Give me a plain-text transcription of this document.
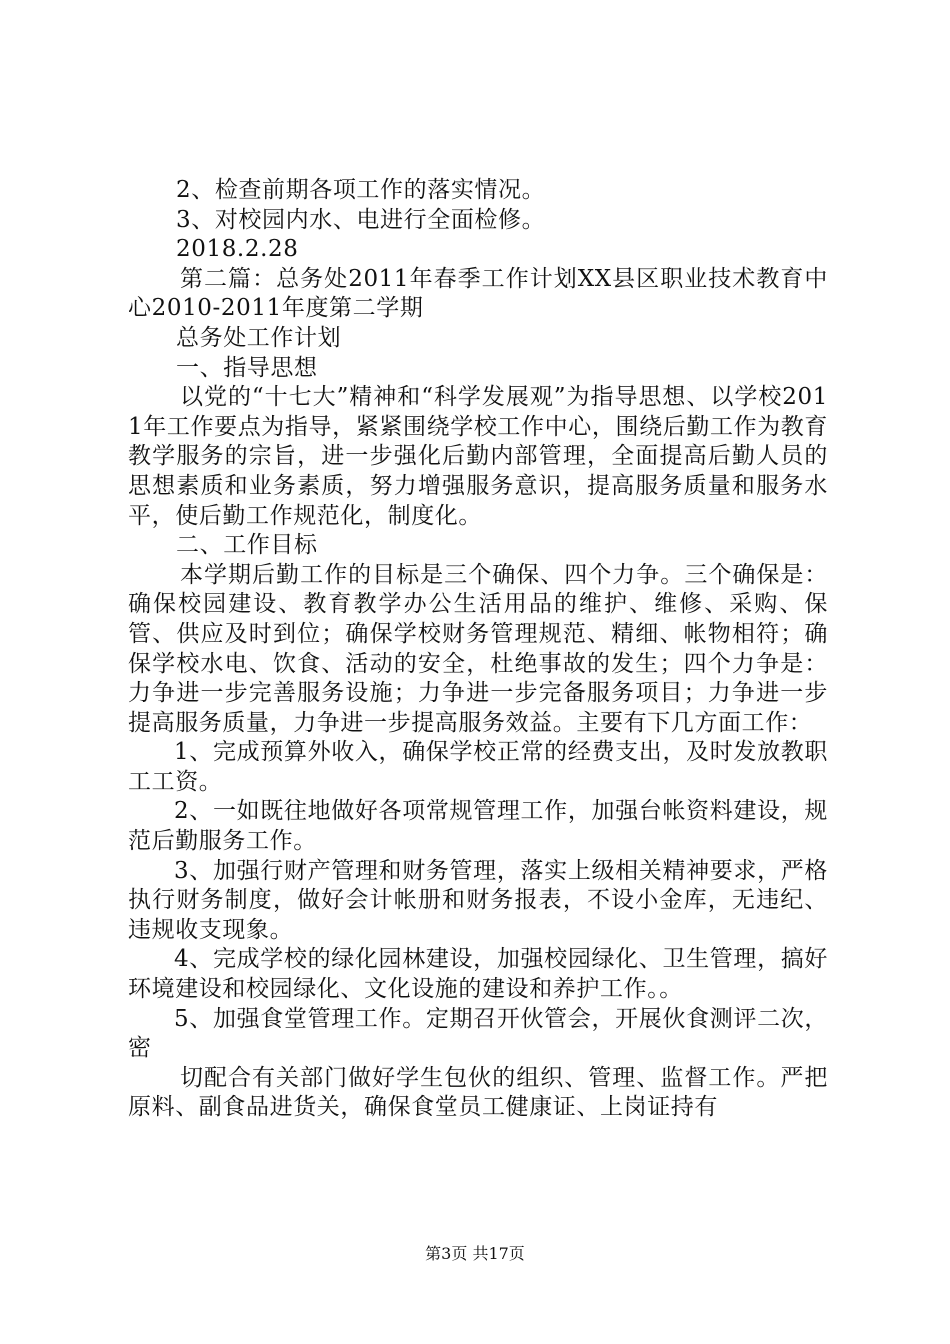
2、检查前期各项工作的落实情况。

3、对校园内水、电进行全面检修。

2018.2.28

第二篇：总务处2011年春季工作计划XX县区职业技术教育中心2010-2011年度第二学期

总务处工作计划

一、指导思想

以党的“十七大”精神和“科学发展观”为指导思想、以学校2011年工作要点为指导，紧紧围绕学校工作中心，围绕后勤工作为教育教学服务的宗旨，进一步强化后勤内部管理，全面提高后勤人员的思想素质和业务素质，努力增强服务意识，提高服务质量和服务水平，使后勤工作规范化，制度化。

二、工作目标

本学期后勤工作的目标是三个确保、四个力争。三个确保是：确保校园建设、教育教学办公生活用品的维护、维修、采购、保管、供应及时到位；确保学校财务管理规范、精细、帐物相符；确保学校水电、饮食、活动的安全，杜绝事故的发生；四个力争是：力争进一步完善服务设施；力争进一步完备服务项目；力争进一步提高服务质量，力争进一步提高服务效益。主要有下几方面工作：

1、完成预算外收入，确保学校正常的经费支出，及时发放教职工工资。

2、一如既往地做好各项常规管理工作，加强台帐资料建设，规范后勤服务工作。

3、加强行财产管理和财务管理，落实上级相关精神要求，严格执行财务制度，做好会计帐册和财务报表，不设小金库，无违纪、违规收支现象。

4、完成学校的绿化园林建设，加强校园绿化、卫生管理，搞好环境建设和校园绿化、文化设施的建设和养护工作。。

5、加强食堂管理工作。定期召开伙管会，开展伙食测评二次，密

切配合有关部门做好学生包伙的组织、管理、监督工作。严把原料、副食品进货关，确保食堂员工健康证、上岗证持有

第3页 共17页
